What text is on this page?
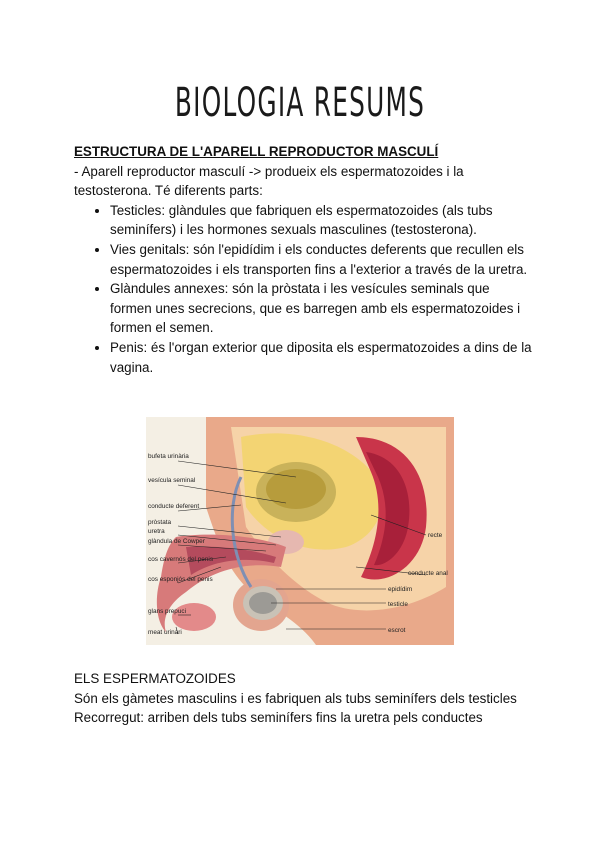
BIOLOGIA RESUMS

ESTRUCTURA DE L'APARELL REPRODUCTOR MASCULÍ

- Aparell reproductor masculí -> produeix els espermatozoides i la testosterona. Té diferents parts:

• Testicles: glàndules que fabriquen els espermatozoides (als tubs seminífers) i les hormones sexuals masculines (testosterona).
• Vies genitals: són l'epidídim i els conductes deferents que recullen els espermatozoides i els transporten fins a l'exterior a través de la uretra.
• Glàndules annexes: són la pròstata i les vesícules seminals que formen unes secrecions, que es barregen amb els espermatozoides i formen el semen.
• Penis: és l'organ exterior que diposita els espermatozoides a dins de la vagina.
bufeta urinària
vesícula seminal
conducte deferent
pròstata
uretra
glàndula de Cowper
cos cavernós del penis
cos esponjós del penis
glans prepuci
meat urinari
recte
conducte anal
epidídim
testicle
escrot

ELS ESPERMATOZOIDES

Són els gàmetes masculins i es fabriquen als tubs seminífers dels testicles

Recorregut: arriben dels tubs seminífers fins la uretra pels conductes
